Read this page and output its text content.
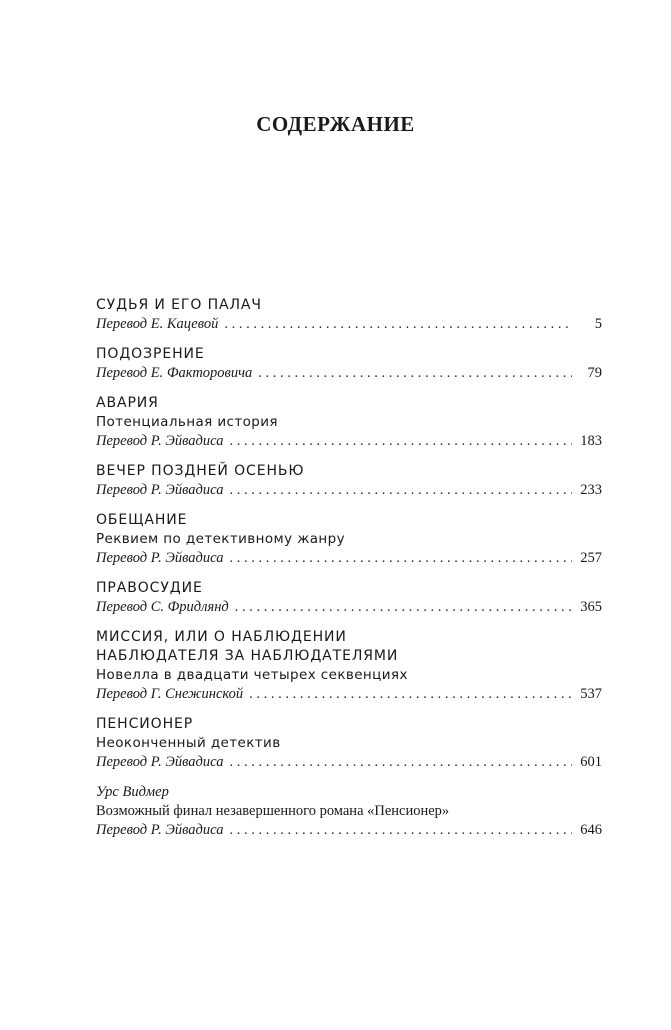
СОДЕРЖАНИЕ
СУДЬЯ И ЕГО ПАЛАЧ
Перевод Е. Кацевой . . .	5
ПОДОЗРЕНИЕ
Перевод Е. Факторовича . . .	79
АВАРИЯ
Потенциальная история
Перевод Р. Эйвадиса . . .	183
ВЕЧЕР ПОЗДНЕЙ ОСЕНЬЮ
Перевод Р. Эйвадиса . . .	233
ОБЕЩАНИЕ
Реквием по детективному жанру
Перевод Р. Эйвадиса . . .	257
ПРАВОСУДИЕ
Перевод С. Фридлянд . . .	365
МИССИЯ, ИЛИ О НАБЛЮДЕНИИ
НАБЛЮДАТЕЛЯ ЗА НАБЛЮДАТЕЛЯМИ
Новелла в двадцати четырех секвенциях
Перевод Г. Снежинской . . .	537
ПЕНСИОНЕР
Неоконченный детектив
Перевод Р. Эйвадиса . . .	601
Урс Видмер
Возможный финал незавершенного романа «Пенсионер»
Перевод Р. Эйвадиса . . .	646
